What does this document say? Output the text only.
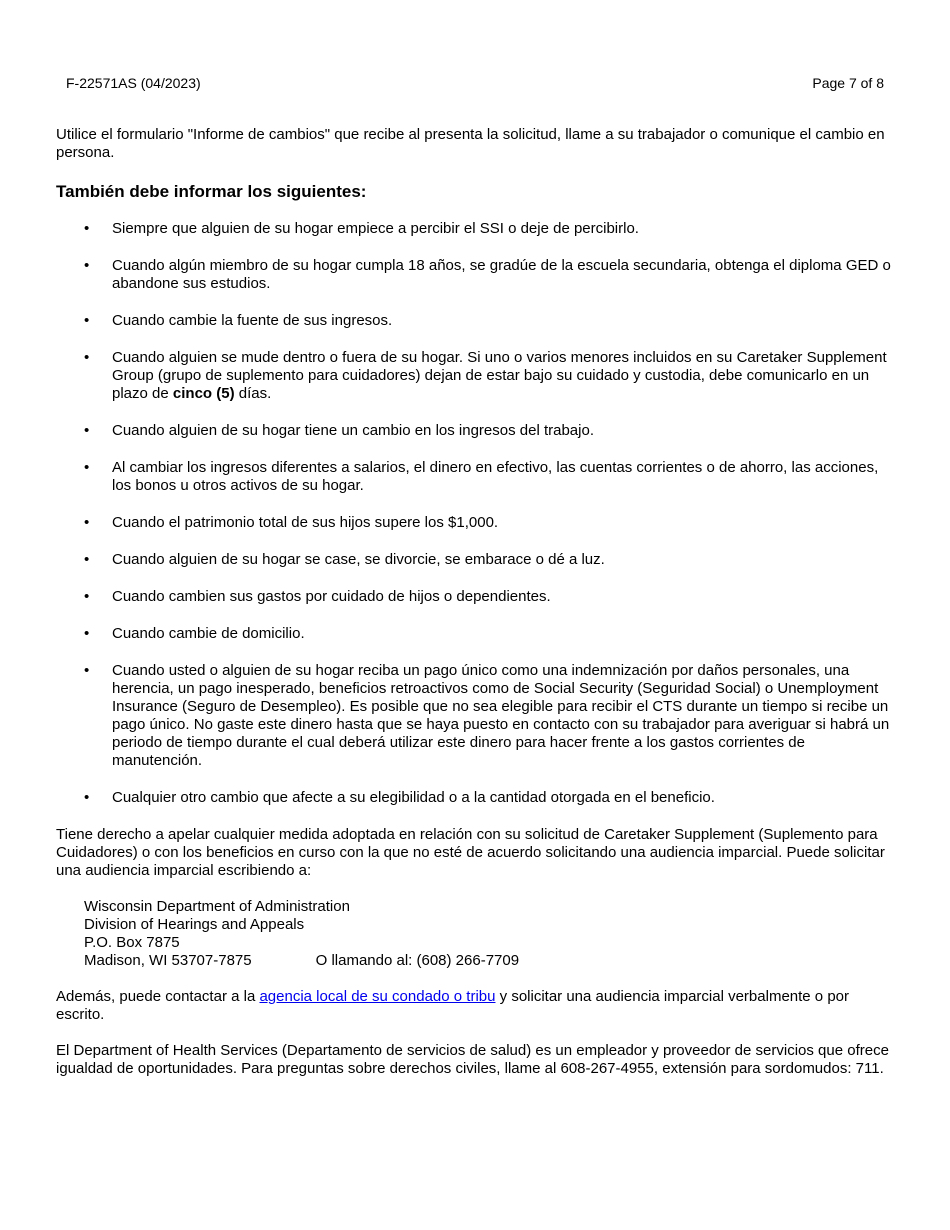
F-22571AS (04/2023)	Page 7 of 8

Utilice el formulario "Informe de cambios" que recibe al presenta la solicitud, llame a su trabajador o comunique el cambio en persona.

También debe informar los siguientes:
• Siempre que alguien de su hogar empiece a percibir el SSI o deje de percibirlo.
• Cuando algún miembro de su hogar cumpla 18 años, se gradúe de la escuela secundaria, obtenga el diploma GED o abandone sus estudios.
• Cuando cambie la fuente de sus ingresos.
• Cuando alguien se mude dentro o fuera de su hogar. Si uno o varios menores incluidos en su Caretaker Supplement Group (grupo de suplemento para cuidadores) dejan de estar bajo su cuidado y custodia, debe comunicarlo en un plazo de cinco (5) días.
• Cuando alguien de su hogar tiene un cambio en los ingresos del trabajo.
• Al cambiar los ingresos diferentes a salarios, el dinero en efectivo, las cuentas corrientes o de ahorro, las acciones, los bonos u otros activos de su hogar.
• Cuando el patrimonio total de sus hijos supere los $1,000.
• Cuando alguien de su hogar se case, se divorcie, se embarace o dé a luz.
• Cuando cambien sus gastos por cuidado de hijos o dependientes.
• Cuando cambie de domicilio.
• Cuando usted o alguien de su hogar reciba un pago único como una indemnización por daños personales, una herencia, un pago inesperado, beneficios retroactivos como de Social Security (Seguridad Social) o Unemployment Insurance (Seguro de Desempleo). Es posible que no sea elegible para recibir el CTS durante un tiempo si recibe un pago único. No gaste este dinero hasta que se haya puesto en contacto con su trabajador para averiguar si habrá un periodo de tiempo durante el cual deberá utilizar este dinero para hacer frente a los gastos corrientes de manutención.
• Cualquier otro cambio que afecte a su elegibilidad o a la cantidad otorgada en el beneficio.

Tiene derecho a apelar cualquier medida adoptada en relación con su solicitud de Caretaker Supplement (Suplemento para Cuidadores) o con los beneficios en curso con la que no esté de acuerdo solicitando una audiencia imparcial. Puede solicitar una audiencia imparcial escribiendo a:

Wisconsin Department of Administration
Division of Hearings and Appeals
P.O. Box 7875
Madison, WI 53707-7875	O llamando al: (608) 266-7709

Además, puede contactar a la agencia local de su condado o tribu y solicitar una audiencia imparcial verbalmente o por escrito.

El Department of Health Services (Departamento de servicios de salud) es un empleador y proveedor de servicios que ofrece igualdad de oportunidades. Para preguntas sobre derechos civiles, llame al 608-267-4955, extensión para sordomudos: 711.
